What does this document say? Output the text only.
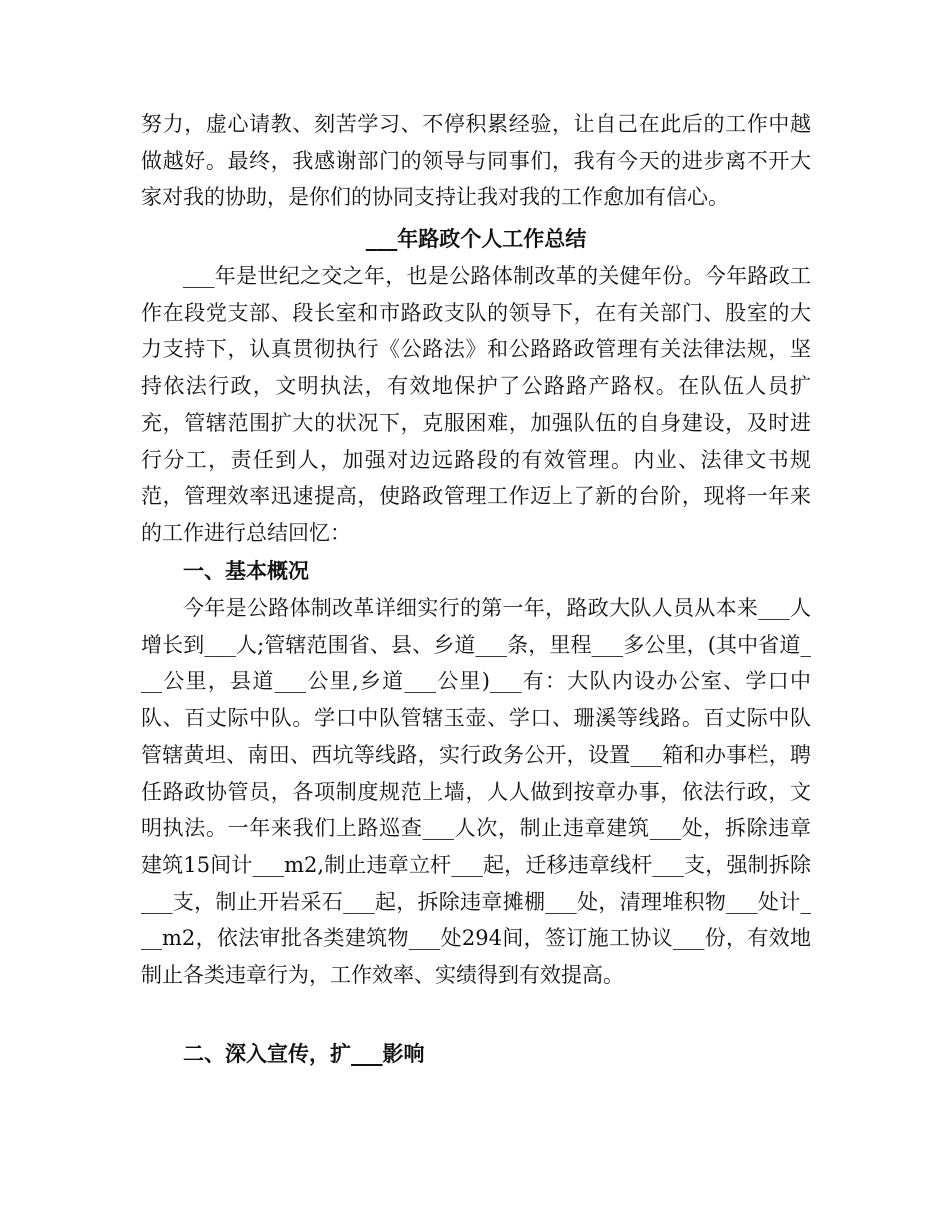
努力，虚心请教、刻苦学习、不停积累经验，让自己在此后的工作中越做越好。最终，我感谢部门的领导与同事们，我有今天的进步离不开大家对我的协助，是你们的协同支持让我对我的工作愈加有信心。

___年路政个人工作总结

___年是世纪之交之年，也是公路体制改革的关健年份。今年路政工作在段党支部、段长室和市路政支队的领导下，在有关部门、股室的大力支持下，认真贯彻执行《公路法》和公路路政管理有关法律法规，坚持依法行政，文明执法，有效地保护了公路路产路权。在队伍人员扩充，管辖范围扩大的状况下，克服困难，加强队伍的自身建设，及时进行分工，责任到人，加强对边远路段的有效管理。内业、法律文书规范，管理效率迅速提高，使路政管理工作迈上了新的台阶，现将一年来的工作进行总结回忆：

一、基本概况

今年是公路体制改革详细实行的第一年，路政大队人员从本来___人增长到___人;管辖范围省、县、乡道___条，里程___多公里，(其中省道___公里，县道___公里,乡道___公里)___有：大队内设办公室、学口中队、百丈际中队。学口中队管辖玉壶、学口、珊溪等线路。百丈际中队管辖黄坦、南田、西坑等线路，实行政务公开，设置___箱和办事栏，聘任路政协管员，各项制度规范上墙，人人做到按章办事，依法行政，文明执法。一年来我们上路巡查___人次，制止违章建筑___处，拆除违章建筑15间计___m2,制止违章立杆___起，迁移违章线杆___支，强制拆除___支，制止开岩采石___起，拆除违章摊棚___处，清理堆积物___处计___m2，依法审批各类建筑物___处294间，签订施工协议___份，有效地制止各类违章行为，工作效率、实绩得到有效提高。

二、深入宣传，扩___影响
